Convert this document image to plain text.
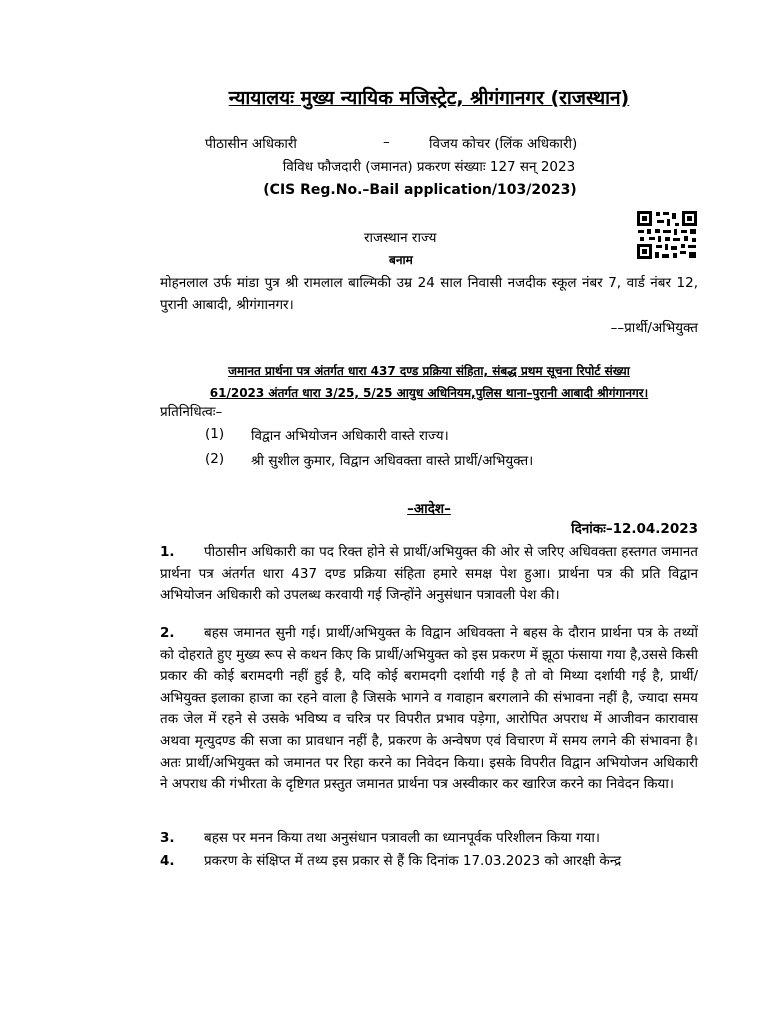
न्यायालयः मुख्य न्यायिक मजिस्ट्रेट, श्रीगंगानगर (राजस्थान)
पीठासीन अधिकारी	–	विजय कोचर (लिंक अधिकारी)
विविध फौजदारी (जमानत) प्रकरण संख्याः 127 सन् 2023
(CIS Reg.No.–Bail application/103/2023)
राजस्थान राज्य
बनाम
मोहनलाल उर्फ मांडा पुत्र श्री रामलाल बाल्मिकी उम्र 24 साल निवासी नजदीक स्कूल नंबर 7, वार्ड नंबर 12, पुरानी आबादी, श्रीगंगानगर।
––प्रार्थी/अभियुक्त
जमानत प्रार्थना पत्र अंतर्गत धारा 437 दण्ड प्रक्रिया संहिता, संबद्ध प्रथम सूचना रिपोर्ट संख्या
61/2023 अंतर्गत धारा 3/25, 5/25 आयुध अधिनियम,पुलिस थाना–पुरानी आबादी श्रीगंगानगर।
प्रतिनिधित्वः–
(1) विद्वान अभियोजन अधिकारी वास्ते राज्य।
(2) श्री सुशील कुमार, विद्वान अधिवक्ता वास्ते प्रार्थी/अभियुक्त।
–आदेश–
दिनांकः–12.04.2023
1. पीठासीन अधिकारी का पद रिक्त होने से प्रार्थी/अभियुक्त की ओर से जरिए अधिवक्ता हस्तगत जमानत प्रार्थना पत्र अंतर्गत धारा 437 दण्ड प्रक्रिया संहिता हमारे समक्ष पेश हुआ। प्रार्थना पत्र की प्रति विद्वान अभियोजन अधिकारी को उपलब्ध करवायी गई जिन्होंने अनुसंधान पत्रावली पेश की।
2. बहस जमानत सुनी गई। प्रार्थी/अभियुक्त के विद्वान अधिवक्ता ने बहस के दौरान प्रार्थना पत्र के तथ्यों को दोहराते हुए मुख्य रूप से कथन किए कि प्रार्थी/अभियुक्त को इस प्रकरण में झूठा फंसाया गया है,उससे किसी प्रकार की कोई बरामदगी नहीं हुई है, यदि कोई बरामदगी दर्शायी गई है तो वो मिथ्या दर्शायी गई है, प्रार्थी/अभियुक्त इलाका हाजा का रहने वाला है जिसके भागने व गवाहान बरगलाने की संभावना नहीं है, ज्यादा समय तक जेल में रहने से उसके भविष्य व चरित्र पर विपरीत प्रभाव पड़ेगा, आरोपित अपराध में आजीवन कारावास अथवा मृत्युदण्ड की सजा का प्रावधान नहीं है, प्रकरण के अन्वेषण एवं विचारण में समय लगने की संभावना है। अतः प्रार्थी/अभियुक्त को जमानत पर रिहा करने का निवेदन किया। इसके विपरीत विद्वान अभियोजन अधिकारी ने अपराध की गंभीरता के दृष्टिगत प्रस्तुत जमानत प्रार्थना पत्र अस्वीकार कर खारिज करने का निवेदन किया।
3. बहस पर मनन किया तथा अनुसंधान पत्रावली का ध्यानपूर्वक परिशीलन किया गया।
4. प्रकरण के संक्षिप्त में तथ्य इस प्रकार से हैं कि दिनांक 17.03.2023 को आरक्षी केन्द्र
